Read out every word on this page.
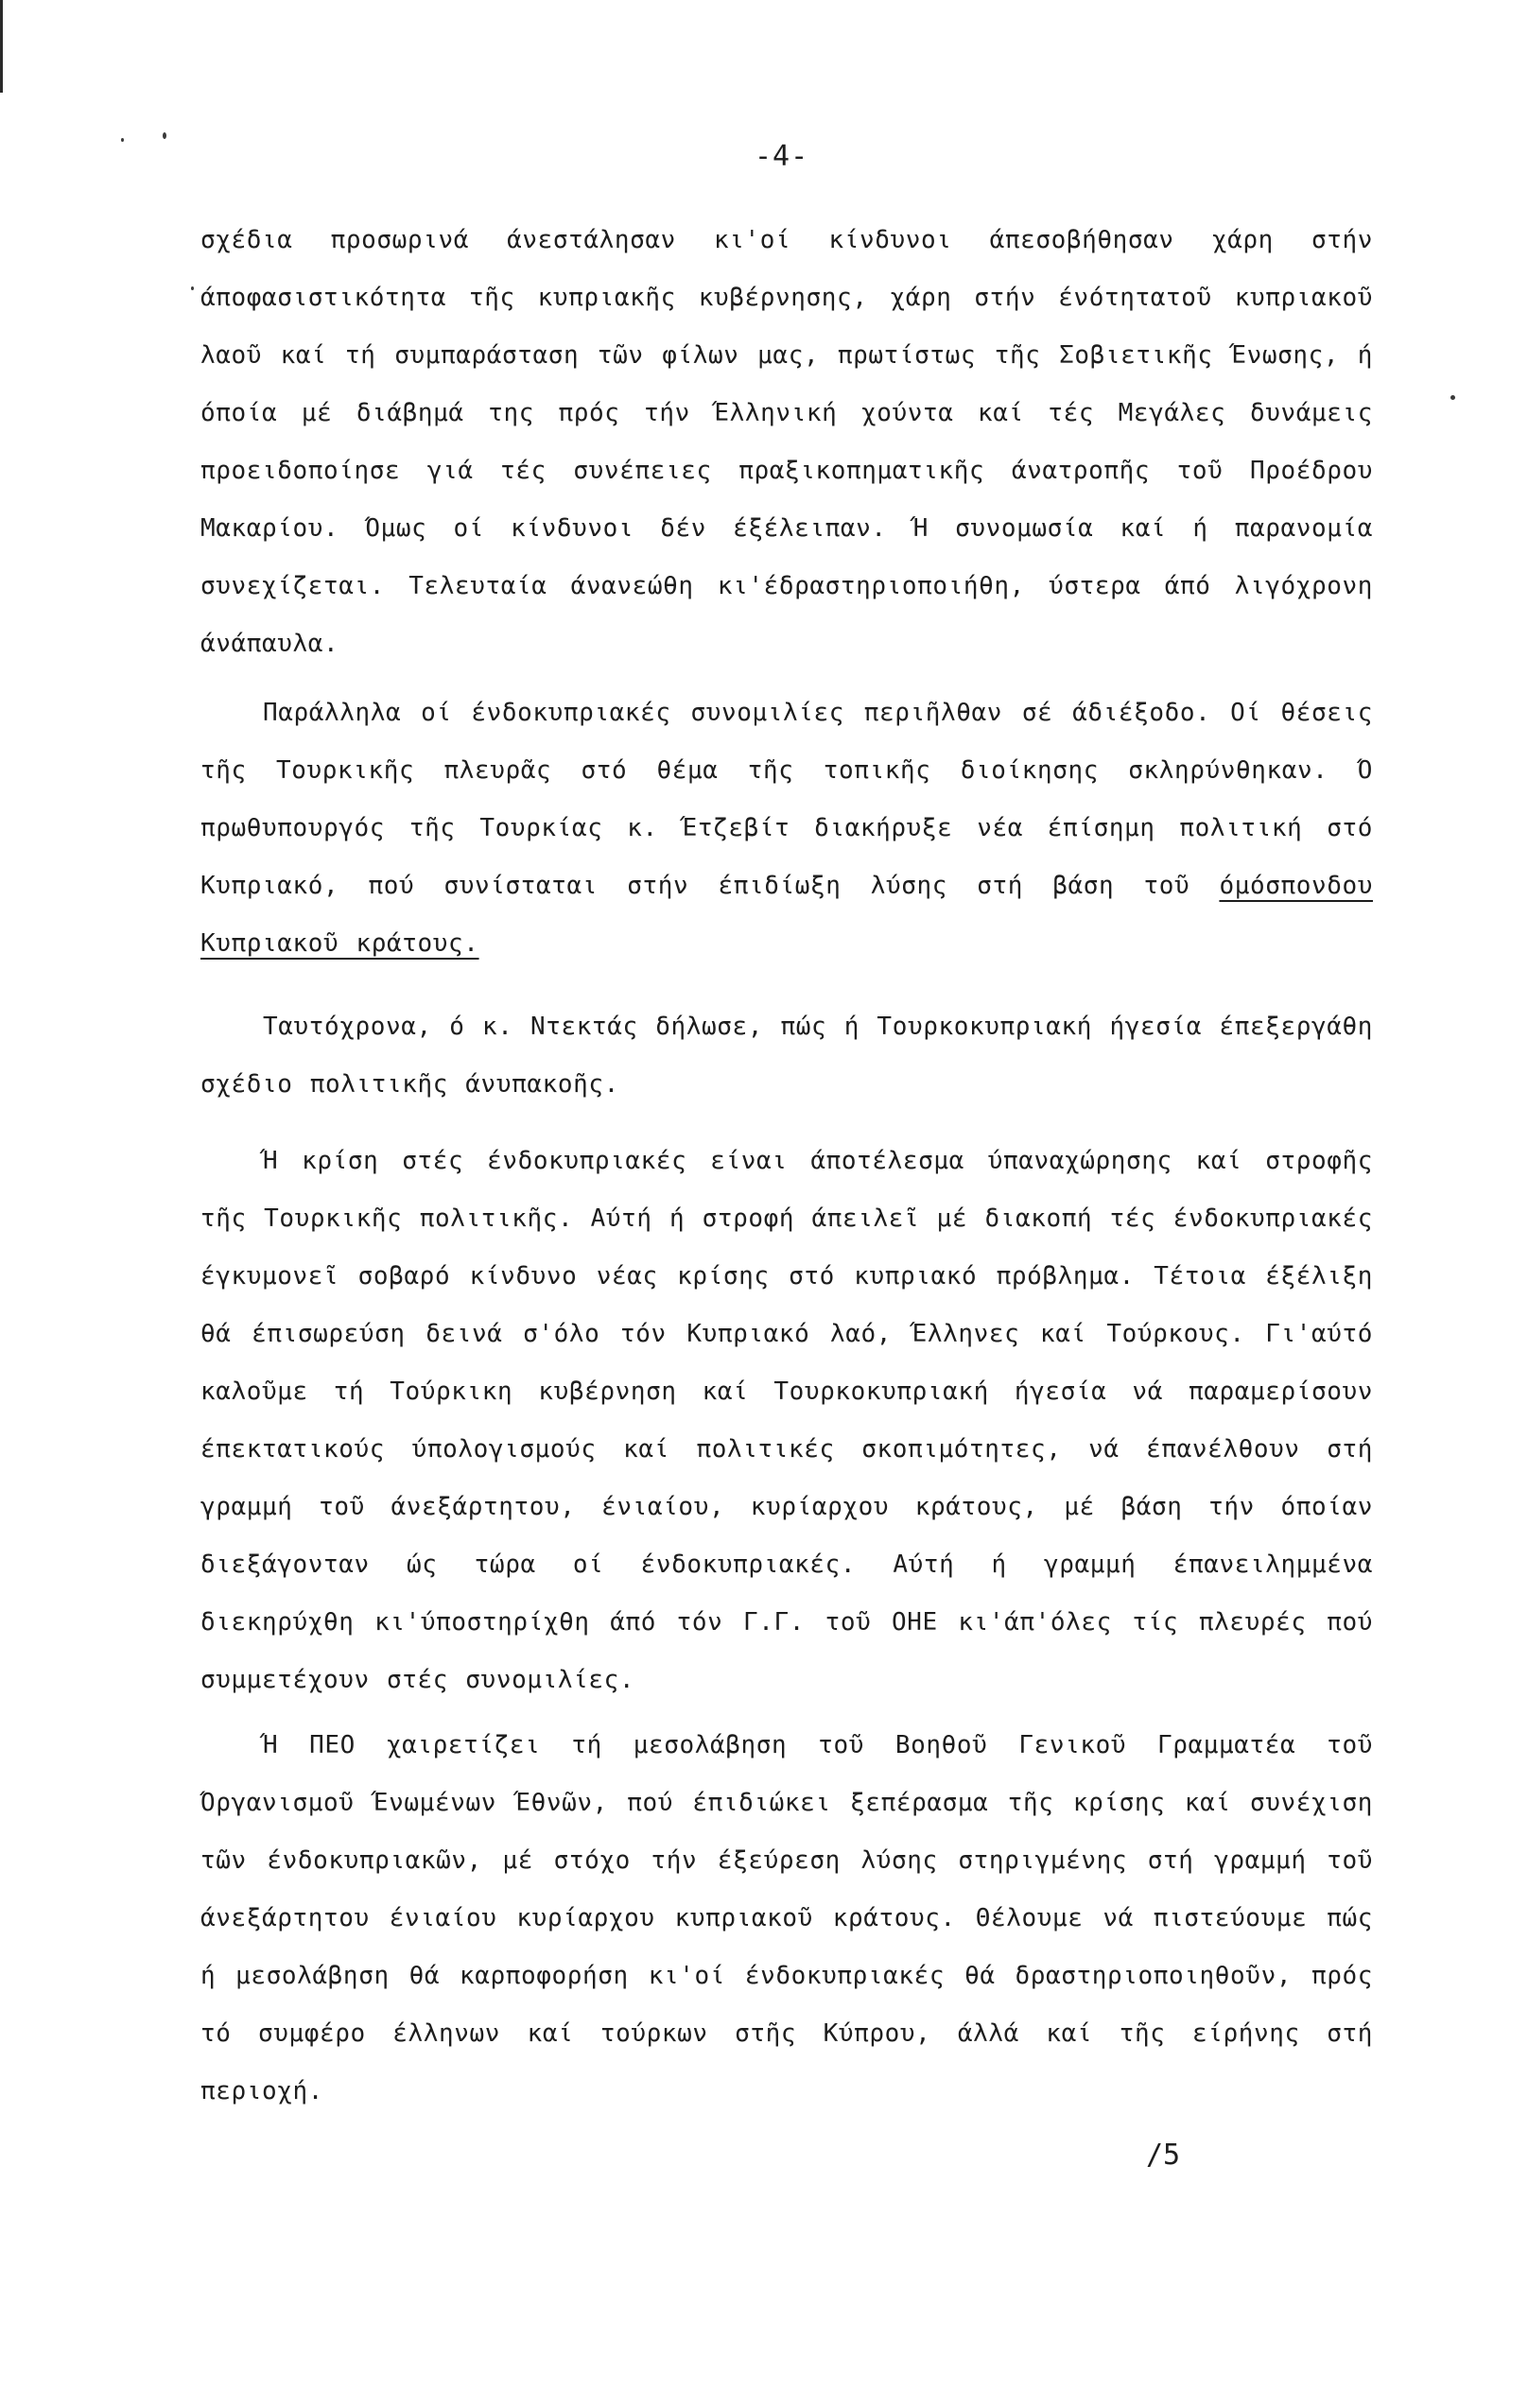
-4-

σχέδια προσωρινά άνεστάλησαν κι'οί κίνδυνοι άπεσοβήθησαν χάρη στήν άποφασιστικότητα τῆς κυπριακῆς κυβέρνησης, χάρη στήν ένότητατοῦ κυπριακοῦ λαοῦ καί τή συμπαράσταση τῶν φίλων μας, πρωτίστως τῆς Σοβιετικῆς Ένωσης, ή όποία μέ διάβημά της πρός τήν Έλληνική χούντα καί τές Μεγάλες δυνάμεις προειδοποίησε γιά τές συνέπειες πραξικοπηματικῆς άνατροπῆς τοῦ Προέδρου Μακαρίου. Όμως οί κίνδυνοι δέν έξέλειπαν. Ή συνομωσία καί ή παρανομία συνεχίζεται. Τελευταία άνανεώθη κι'έδραστηριοποιήθη, ύστερα άπό λιγόχρονη άνάπαυλα.

Παράλληλα οί ένδοκυπριακές συνομιλίες περιῆλθαν σέ άδιέξοδο. Οί θέσεις τῆς Τουρκικῆς πλευρᾶς στό θέμα τῆς τοπικῆς διοίκησης σκληρύνθηκαν. Ό πρωθυπουργός τῆς Τουρκίας κ. Έτζεβίτ διακήρυξε νέα έπίσημη πολιτική στό Κυπριακό, πού συνίσταται στήν έπιδίωξη λύσης στή βάση τοῦ όμόσπονδου Κυπριακοῦ κράτους.

Ταυτόχρονα, ό κ. Ντεκτάς δήλωσε, πώς ή Τουρκοκυπριακή ήγεσία έπεξεργάθη σχέδιο πολιτικῆς άνυπακοῆς.

Ή κρίση στές ένδοκυπριακές είναι άποτέλεσμα ύπαναχώρησης καί στροφῆς τῆς Τουρκικῆς πολιτικῆς. Αύτή ή στροφή άπειλεῖ μέ διακοπή τές ένδοκυπριακές έγκυμονεῖ σοβαρό κίνδυνο νέας κρίσης στό κυπριακό πρόβλημα. Τέτοια έξέλιξη θά έπισωρεύση δεινά σ'όλο τόν Κυπριακό λαό, Έλληνες καί Τούρκους. Γι'αύτό καλοῦμε τή Τούρκικη κυβέρνηση καί Τουρκοκυπριακή ήγεσία νά παραμερίσουν έπεκτατικούς ύπολογισμούς καί πολιτικές σκοπιμότητες, νά έπανέλθουν στή γραμμή τοῦ άνεξάρτητου, ένιαίου, κυρίαρχου κράτους, μέ βάση τήν όποίαν διεξάγονταν ώς τώρα οί ένδοκυπριακές. Αύτή ή γραμμή έπανειλημμένα διεκηρύχθη κι'ύποστηρίχθη άπό τόν Γ.Γ. τοῦ ΟΗΕ κι'άπ'όλες τίς πλευρές πού συμμετέχουν στές συνομιλίες.

Ή ΠΕΟ χαιρετίζει τή μεσολάβηση τοῦ Βοηθοῦ Γενικοῦ Γραμματέα τοῦ Όργανισμοῦ Ένωμένων Έθνῶν, πού έπιδιώκει ξεπέρασμα τῆς κρίσης καί συνέχιση τῶν ένδοκυπριακῶν, μέ στόχο τήν έξεύρεση λύσης στηριγμένης στή γραμμή τοῦ άνεξάρτητου ένιαίου κυρίαρχου κυπριακοῦ κράτους. Θέλουμε νά πιστεύουμε πώς ή μεσολάβηση θά καρποφορήση κι'οί ένδοκυπριακές θά δραστηριοποιηθοῦν, πρός τό συμφέρο έλληνων καί τούρκων στῆς Κύπρου, άλλά καί τῆς είρήνης στή περιοχή.

/5
